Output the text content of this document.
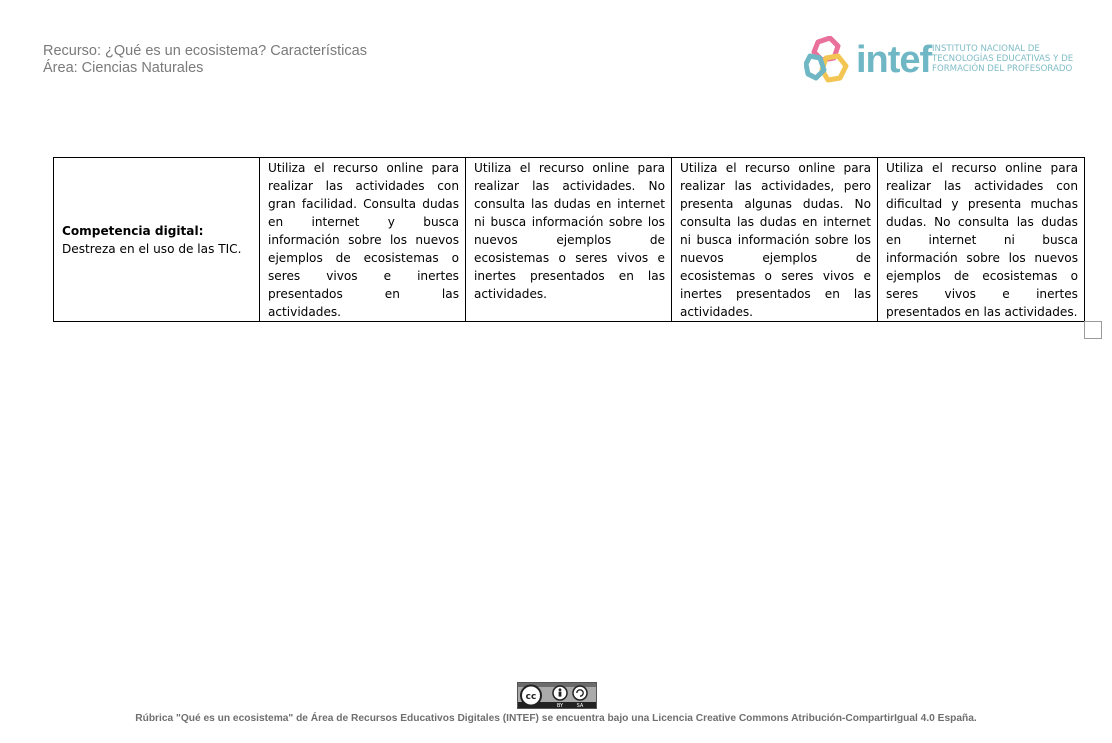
Recurso: ¿Qué es un ecosistema? Características
Área: Ciencias Naturales	intef INSTITUTO NACIONAL DE
TECNOLOGÍAS EDUCATIVAS Y DE
FORMACIÓN DEL PROFESORADO
Competencia digital: Destreza en el uso de las TIC.	Utiliza el recurso online para realizar las actividades con gran facilidad. Consulta dudas en internet y busca información sobre los nuevos ejemplos de ecosistemas o seres vivos e inertes presentados en las actividades.	Utiliza el recurso online para realizar las actividades. No consulta las dudas en internet ni busca información sobre los nuevos ejemplos de ecosistemas o seres vivos e inertes presentados en las actividades.	Utiliza el recurso online para realizar las actividades, pero presenta algunas dudas. No consulta las dudas en internet ni busca información sobre los nuevos ejemplos de ecosistemas o seres vivos e inertes presentados en las actividades.	Utiliza el recurso online para realizar las actividades con dificultad y presenta muchas dudas. No consulta las dudas en internet ni busca información sobre los nuevos ejemplos de ecosistemas o seres vivos e inertes presentados en las actividades.
cc
BY	SA
Rúbrica "Qué es un ecosistema" de Área de Recursos Educativos Digitales (INTEF) se encuentra bajo una Licencia Creative Commons Atribución-CompartirIgual 4.0 España.
